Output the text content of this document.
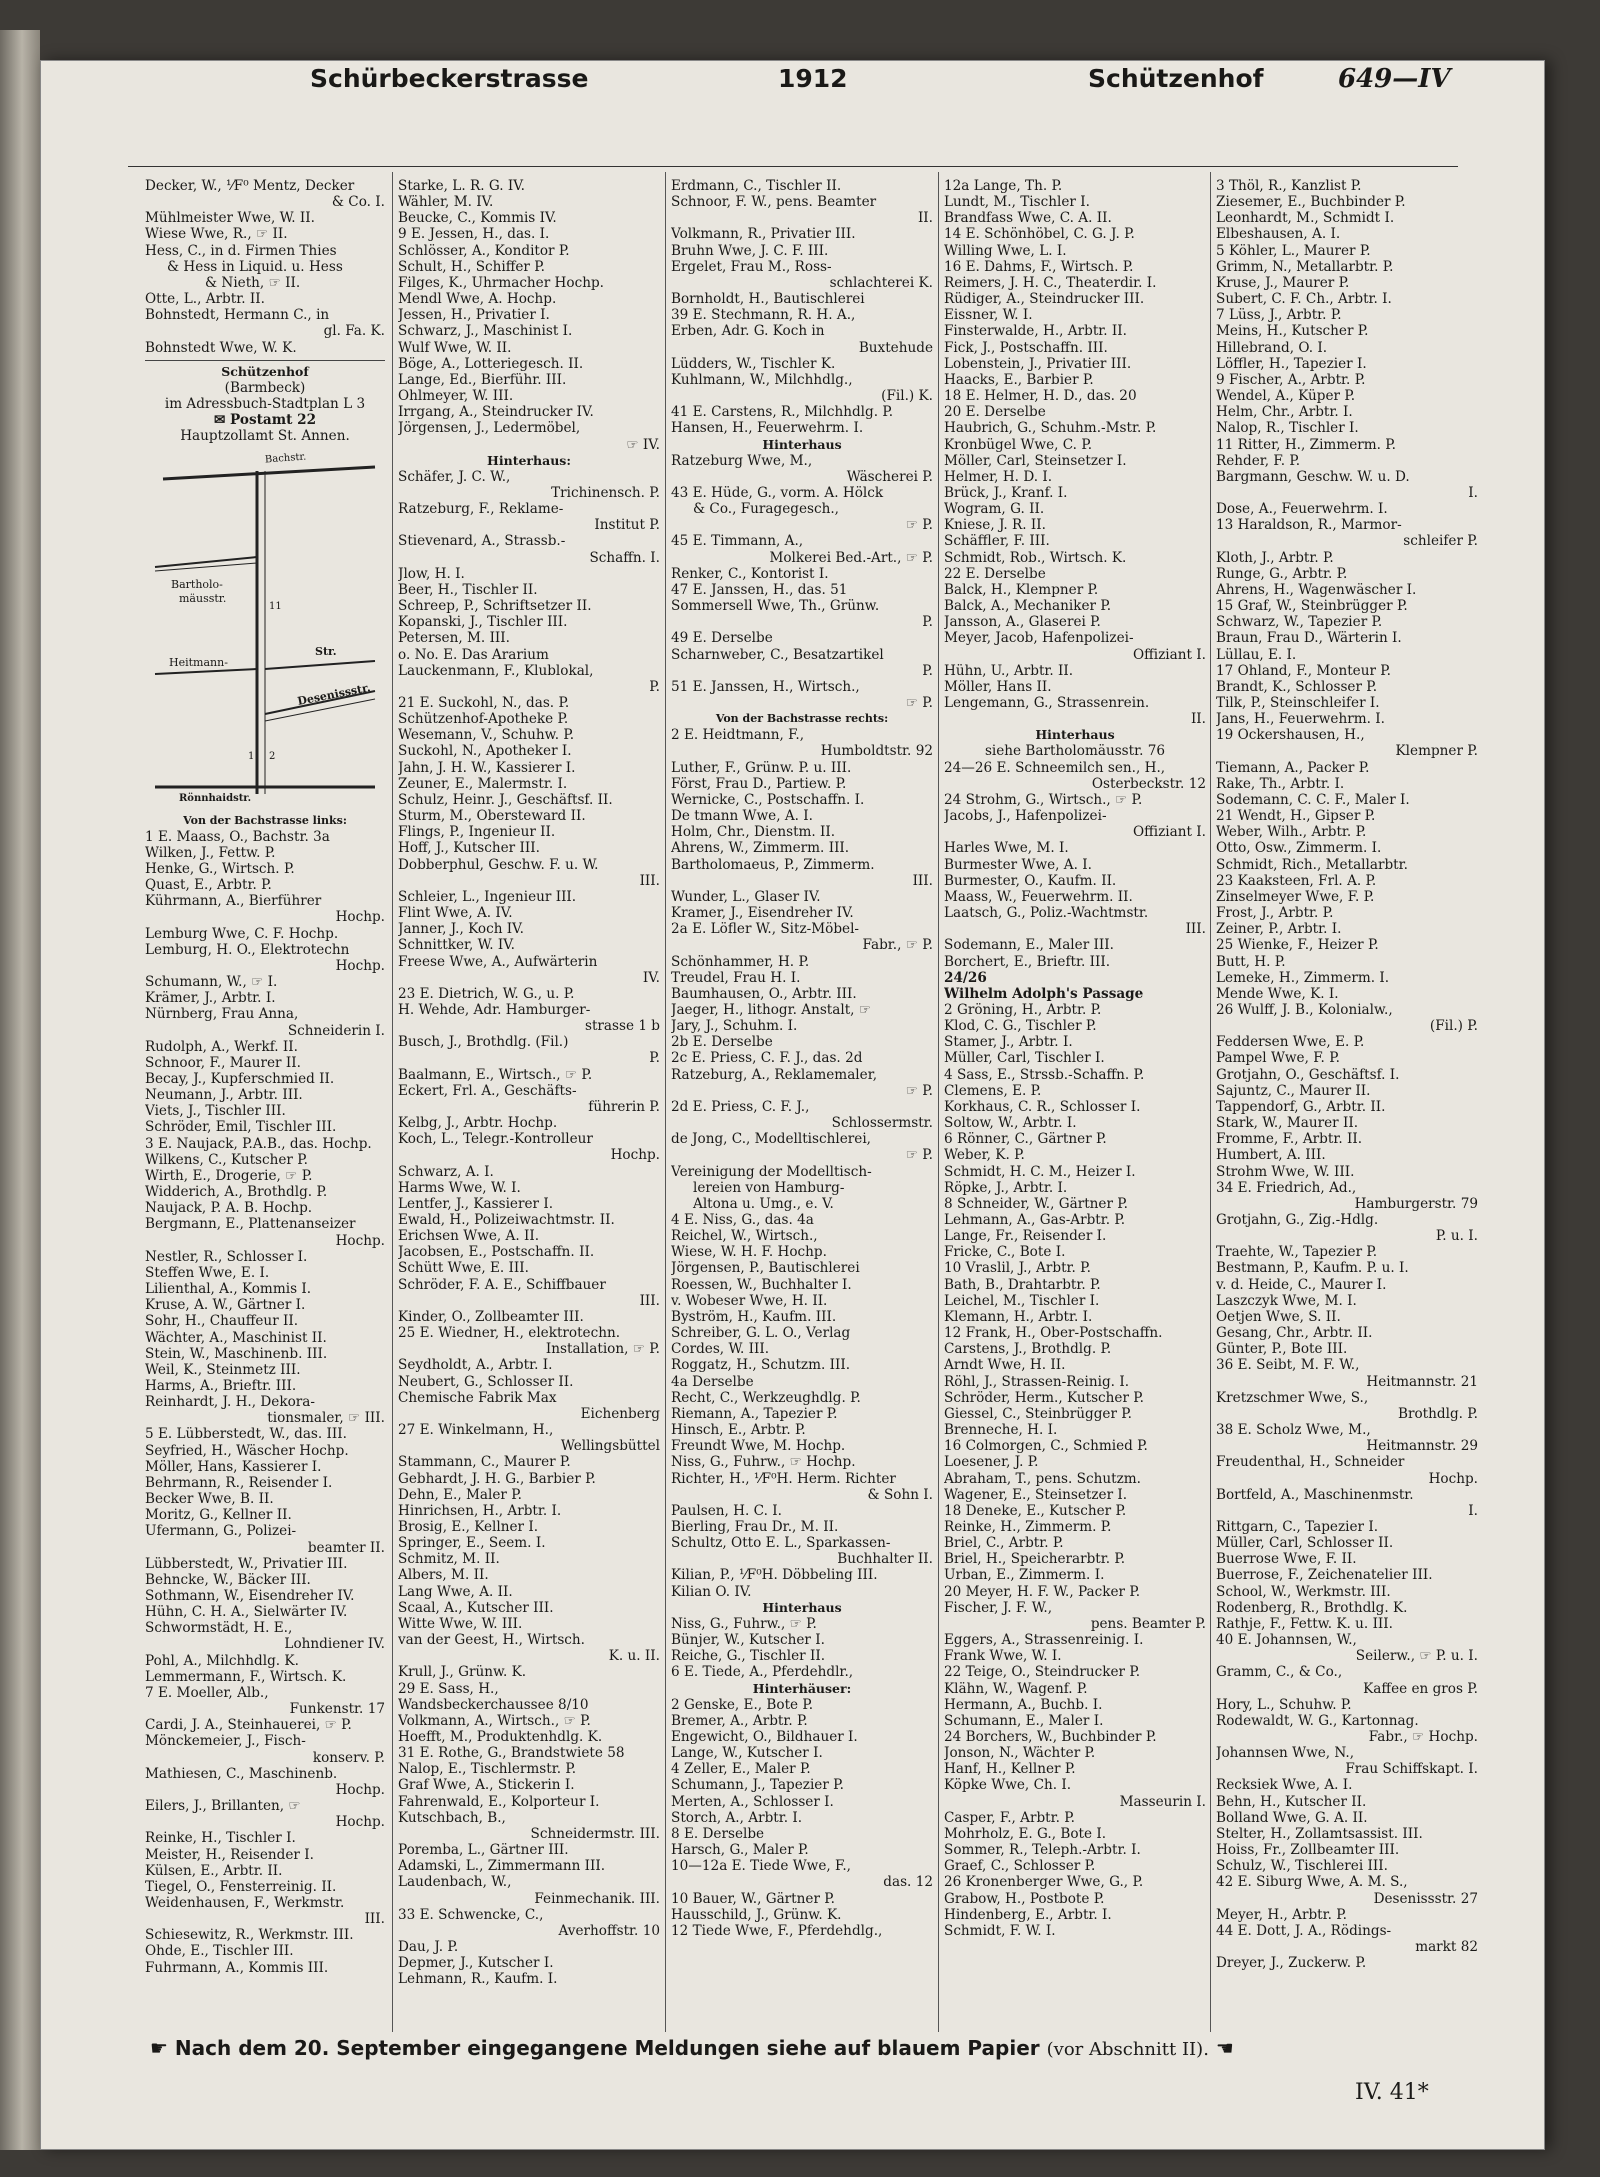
Schürbeckerstrasse	1912	Schützenhof	649—IV
Decker, W., ⅟F⁰ Mentz, Decker
& Co. I.
Mühlmeister Wwe, W. II.
Wiese Wwe, R., ☞ II.
Hess, C., in d. Firmen Thies
& Hess in Liquid. u. Hess
& Nieth, ☞ II.
Otte, L., Arbtr. II.
Bohnstedt, Hermann C., in
gl. Fa. K.
Bohnstedt Wwe, W. K.
Schützenhof
(Barmbeck)
im Adressbuch-Stadtplan L 3
✉ Postamt 22
Hauptzollamt St. Annen.
Bachstr.
Bartholo-
mäusstr.
Heitmann-
Str.
Desenissstr.
Rönnhaidstr.
11
1 2
Von der Bachstrasse links:
1 E. Maass, O., Bachstr. 3a
Wilken, J., Fettw. P.
Henke, G., Wirtsch. P.
Quast, E., Arbtr. P.
Kührmann, A., Bierführer
Hochp.
Lemburg Wwe, C. F. Hochp.
Lemburg, H. O., Elektrotechn
Hochp.
Schumann, W., ☞ I.
Krämer, J., Arbtr. I.
Nürnberg, Frau Anna,
Schneiderin I.
Rudolph, A., Werkf. II.
Schnoor, F., Maurer II.
Becay, J., Kupferschmied II.
Neumann, J., Arbtr. III.
Viets, J., Tischler III.
Schröder, Emil, Tischler III.
3 E. Naujack, P.A.B., das. Hochp.
Wilkens, C., Kutscher P.
Wirth, E., Drogerie, ☞ P.
Widderich, A., Brothdlg. P.
Naujack, P. A. B. Hochp.
Bergmann, E., Plattenanseizer
Hochp.
Nestler, R., Schlosser I.
Steffen Wwe, E. I.
Lilienthal, A., Kommis I.
Kruse, A. W., Gärtner I.
Sohr, H., Chauffeur II.
Wächter, A., Maschinist II.
Stein, W., Maschinenb. III.
Weil, K., Steinmetz III.
Harms, A., Brieftr. III.
Reinhardt, J. H., Dekora-
tionsmaler, ☞ III.
5 E. Lübberstedt, W., das. III.
Seyfried, H., Wäscher Hochp.
Möller, Hans, Kassierer I.
Behrmann, R., Reisender I.
Becker Wwe, B. II.
Moritz, G., Kellner II.
Ufermann, G., Polizei-
beamter II.
Lübberstedt, W., Privatier III.
Behncke, W., Bäcker III.
Sothmann, W., Eisendreher IV.
Hühn, C. H. A., Sielwärter IV.
Schwormstädt, H. E.,
Lohndiener IV.
Pohl, A., Milchhdlg. K.
Lemmermann, F., Wirtsch. K.
7 E. Moeller, Alb.,
Funkenstr. 17
Cardi, J. A., Steinhauerei, ☞ P.
Mönckemeier, J., Fisch-
konserv. P.
Mathiesen, C., Maschinenb.
Hochp.
Eilers, J., Brillanten, ☞
Hochp.
Reinke, H., Tischler I.
Meister, H., Reisender I.
Külsen, E., Arbtr. II.
Tiegel, O., Fensterreinig. II.
Weidenhausen, F., Werkmstr.
III.
Schiesewitz, R., Werkmstr. III.
Ohde, E., Tischler III.
Fuhrmann, A., Kommis III.
Starke, L. R. G. IV.
Wähler, M. IV.
Beucke, C., Kommis IV.
9 E. Jessen, H., das. I.
Schlösser, A., Konditor P.
Schult, H., Schiffer P.
Filges, K., Uhrmacher Hochp.
Mendl Wwe, A. Hochp.
Jessen, H., Privatier I.
Schwarz, J., Maschinist I.
Wulf Wwe, W. II.
Böge, A., Lotteriegesch. II.
Lange, Ed., Bierführ. III.
Ohlmeyer, W. III.
Irrgang, A., Steindrucker IV.
Jörgensen, J., Ledermöbel,
☞ IV.
Hinterhaus:
Schäfer, J. C. W.,
Trichinensch. P.
Ratzeburg, F., Reklame-
Institut P.
Stievenard, A., Strassb.-
Schaffn. I.
Jlow, H. I.
Beer, H., Tischler II.
Schreep, P., Schriftsetzer II.
Kopanski, J., Tischler III.
Petersen, M. III.
o. No. E. Das Ararium
Lauckenmann, F., Klublokal,
P.
21 E. Suckohl, N., das. P.
Schützenhof-Apotheke P.
Wesemann, V., Schuhw. P.
Suckohl, N., Apotheker I.
Jahn, J. H. W., Kassierer I.
Zeuner, E., Malermstr. I.
Schulz, Heinr. J., Geschäftsf. II.
Sturm, M., Obersteward II.
Flings, P., Ingenieur II.
Hoff, J., Kutscher III.
Dobberphul, Geschw. F. u. W.
III.
Schleier, L., Ingenieur III.
Flint Wwe, A. IV.
Janner, J., Koch IV.
Schnittker, W. IV.
Freese Wwe, A., Aufwärterin
IV.
23 E. Dietrich, W. G., u. P.
H. Wehde, Adr. Hamburger-
strasse 1 b
Busch, J., Brothdlg. (Fil.)
P.
Baalmann, E., Wirtsch., ☞ P.
Eckert, Frl. A., Geschäfts-
führerin P.
Kelbg, J., Arbtr. Hochp.
Koch, L., Telegr.-Kontrolleur
Hochp.
Schwarz, A. I.
Harms Wwe, W. I.
Lentfer, J., Kassierer I.
Ewald, H., Polizeiwachtmstr. II.
Erichsen Wwe, A. II.
Jacobsen, E., Postschaffn. II.
Schütt Wwe, E. III.
Schröder, F. A. E., Schiffbauer
III.
Kinder, O., Zollbeamter III.
25 E. Wiedner, H., elektrotechn.
Installation, ☞ P.
Seydholdt, A., Arbtr. I.
Neubert, G., Schlosser II.
Chemische Fabrik Max
Eichenberg
27 E. Winkelmann, H.,
Wellingsbüttel
Stammann, C., Maurer P.
Gebhardt, J. H. G., Barbier P.
Dehn, E., Maler P.
Hinrichsen, H., Arbtr. I.
Brosig, E., Kellner I.
Springer, E., Seem. I.
Schmitz, M. II.
Albers, M. II.
Lang Wwe, A. II.
Scaal, A., Kutscher III.
Witte Wwe, W. III.
van der Geest, H., Wirtsch.
K. u. II.
Krull, J., Grünw. K.
29 E. Sass, H.,
Wandsbeckerchaussee 8/10
Volkmann, A., Wirtsch., ☞ P.
Hoefft, M., Produktenhdlg. K.
31 E. Rothe, G., Brandstwiete 58
Nalop, E., Tischlermstr. P.
Graf Wwe, A., Stickerin I.
Fahrenwald, E., Kolporteur I.
Kutschbach, B.,
Schneidermstr. III.
Poremba, L., Gärtner III.
Adamski, L., Zimmermann III.
Laudenbach, W.,
Feinmechanik. III.
33 E. Schwencke, C.,
Averhoffstr. 10
Dau, J. P.
Depmer, J., Kutscher I.
Lehmann, R., Kaufm. I.
Erdmann, C., Tischler II.
Schnoor, F. W., pens. Beamter
II.
Volkmann, R., Privatier III.
Bruhn Wwe, J. C. F. III.
Ergelet, Frau M., Ross-
schlachterei K.
Bornholdt, H., Bautischlerei
39 E. Stechmann, R. H. A.,
Erben, Adr. G. Koch in
Buxtehude
Lüdders, W., Tischler K.
Kuhlmann, W., Milchhdlg.,
(Fil.) K.
41 E. Carstens, R., Milchhdlg. P.
Hansen, H., Feuerwehrm. I.
Hinterhaus
Ratzeburg Wwe, M.,
Wäscherei P.
43 E. Hüde, G., vorm. A. Hölck
& Co., Furagegesch.,
☞ P.
45 E. Timmann, A.,
Molkerei Bed.-Art., ☞ P.
Renker, C., Kontorist I.
47 E. Janssen, H., das. 51
Sommersell Wwe, Th., Grünw.
P.
49 E. Derselbe
Scharnweber, C., Besatzartikel
P.
51 E. Janssen, H., Wirtsch.,
☞ P.
Von der Bachstrasse rechts:
2 E. Heidtmann, F.,
Humboldtstr. 92
Luther, F., Grünw. P. u. III.
Först, Frau D., Partiew. P.
Wernicke, C., Postschaffn. I.
De tmann Wwe, A. I.
Holm, Chr., Dienstm. II.
Ahrens, W., Zimmerm. III.
Bartholomaeus, P., Zimmerm.
III.
Wunder, L., Glaser IV.
Kramer, J., Eisendreher IV.
2a E. Löfler W., Sitz-Möbel-
Fabr., ☞ P.
Schönhammer, H. P.
Treudel, Frau H. I.
Baumhausen, O., Arbtr. III.
Jaeger, H., lithogr. Anstalt, ☞
Jary, J., Schuhm. I.
2b E. Derselbe
2c E. Priess, C. F. J., das. 2d
Ratzeburg, A., Reklamemaler,
☞ P.
2d E. Priess, C. F. J.,
Schlossermstr.
de Jong, C., Modelltischlerei,
☞ P.
Vereinigung der Modelltisch-
lereien von Hamburg-
Altona u. Umg., e. V.
4 E. Niss, G., das. 4a
Reichel, W., Wirtsch.,
Wiese, W. H. F. Hochp.
Jörgensen, P., Bautischlerei
Roessen, W., Buchhalter I.
v. Wobeser Wwe, H. II.
Byström, H., Kaufm. III.
Schreiber, G. L. O., Verlag
Cordes, W. III.
Roggatz, H., Schutzm. III.
4a Derselbe
Recht, C., Werkzeughdlg. P.
Riemann, A., Tapezier P.
Hinsch, E., Arbtr. P.
Freundt Wwe, M. Hochp.
Niss, G., Fuhrw., ☞ Hochp.
Richter, H., ⅟F⁰H. Herm. Richter
& Sohn I.
Paulsen, H. C. I.
Bierling, Frau Dr., M. II.
Schultz, Otto E. L., Sparkassen-
Buchhalter II.
Kilian, P., ⅟F⁰H. Döbbeling III.
Kilian O. IV.
Hinterhaus
Niss, G., Fuhrw., ☞ P.
Bünjer, W., Kutscher I.
Reiche, G., Tischler II.
6 E. Tiede, A., Pferdehdlr.,
Hinterhäuser:
2 Genske, E., Bote P.
Bremer, A., Arbtr. P.
Engewicht, O., Bildhauer I.
Lange, W., Kutscher I.
4 Zeller, E., Maler P.
Schumann, J., Tapezier P.
Merten, A., Schlosser I.
Storch, A., Arbtr. I.
8 E. Derselbe
Harsch, G., Maler P.
10—12a E. Tiede Wwe, F.,
das. 12
10 Bauer, W., Gärtner P.
Hausschild, J., Grünw. K.
12 Tiede Wwe, F., Pferdehdlg.,
12a Lange, Th. P.
Lundt, M., Tischler I.
Brandfass Wwe, C. A. II.
14 E. Schönhöbel, C. G. J. P.
Willing Wwe, L. I.
16 E. Dahms, F., Wirtsch. P.
Reimers, J. H. C., Theaterdir. I.
Rüdiger, A., Steindrucker III.
Eissner, W. I.
Finsterwalde, H., Arbtr. II.
Fick, J., Postschaffn. III.
Lobenstein, J., Privatier III.
Haacks, E., Barbier P.
18 E. Helmer, H. D., das. 20
20 E. Derselbe
Haubrich, G., Schuhm.-Mstr. P.
Kronbügel Wwe, C. P.
Möller, Carl, Steinsetzer I.
Helmer, H. D. I.
Brück, J., Kranf. I.
Wogram, G. II.
Kniese, J. R. II.
Schäffler, F. III.
Schmidt, Rob., Wirtsch. K.
22 E. Derselbe
Balck, H., Klempner P.
Balck, A., Mechaniker P.
Jansson, A., Glaserei P.
Meyer, Jacob, Hafenpolizei-
Offiziant I.
Hühn, U., Arbtr. II.
Möller, Hans II.
Lengemann, G., Strassenrein.
II.
Hinterhaus
siehe Bartholomäusstr. 76
24—26 E. Schneemilch sen., H.,
Osterbeckstr. 12
24 Strohm, G., Wirtsch., ☞ P.
Jacobs, J., Hafenpolizei-
Offiziant I.
Harles Wwe, M. I.
Burmester Wwe, A. I.
Burmester, O., Kaufm. II.
Maass, W., Feuerwehrm. II.
Laatsch, G., Poliz.-Wachtmstr.
III.
Sodemann, E., Maler III.
Borchert, E., Brieftr. III.
24/26
Wilhelm Adolph's Passage
2 Gröning, H., Arbtr. P.
Klod, C. G., Tischler P.
Stamer, J., Arbtr. I.
Müller, Carl, Tischler I.
4 Sass, E., Strssb.-Schaffn. P.
Clemens, E. P.
Korkhaus, C. R., Schlosser I.
Soltow, W., Arbtr. I.
6 Rönner, C., Gärtner P.
Weber, K. P.
Schmidt, H. C. M., Heizer I.
Röpke, J., Arbtr. I.
8 Schneider, W., Gärtner P.
Lehmann, A., Gas-Arbtr. P.
Lange, Fr., Reisender I.
Fricke, C., Bote I.
10 Vraslil, J., Arbtr. P.
Bath, B., Drahtarbtr. P.
Leichel, M., Tischler I.
Klemann, H., Arbtr. I.
12 Frank, H., Ober-Postschaffn.
Carstens, J., Brothdlg. P.
Arndt Wwe, H. II.
Röhl, J., Strassen-Reinig. I.
Schröder, Herm., Kutscher P.
Giessel, C., Steinbrügger P.
Brenneche, H. I.
16 Colmorgen, C., Schmied P.
Loesener, J. P.
Abraham, T., pens. Schutzm.
Wagener, E., Steinsetzer I.
18 Deneke, E., Kutscher P.
Reinke, H., Zimmerm. P.
Briel, C., Arbtr. P.
Briel, H., Speicherarbtr. P.
Urban, E., Zimmerm. I.
20 Meyer, H. F. W., Packer P.
Fischer, J. F. W.,
pens. Beamter P.
Eggers, A., Strassenreinig. I.
Frank Wwe, W. I.
22 Teige, O., Steindrucker P.
Klähn, W., Wagenf. P.
Hermann, A., Buchb. I.
Schumann, E., Maler I.
24 Borchers, W., Buchbinder P.
Jonson, N., Wächter P.
Hanf, H., Kellner P.
Köpke Wwe, Ch. I.
Masseurin I.
Casper, F., Arbtr. P.
Mohrholz, E. G., Bote I.
Sommer, R., Teleph.-Arbtr. I.
Graef, C., Schlosser P.
26 Kronenberger Wwe, G., P.
Grabow, H., Postbote P.
Hindenberg, E., Arbtr. I.
Schmidt, F. W. I.
3 Thöl, R., Kanzlist P.
Ziesemer, E., Buchbinder P.
Leonhardt, M., Schmidt I.
Elbeshausen, A. I.
5 Köhler, L., Maurer P.
Grimm, N., Metallarbtr. P.
Kruse, J., Maurer P.
Subert, C. F. Ch., Arbtr. I.
7 Lüss, J., Arbtr. P.
Meins, H., Kutscher P.
Hillebrand, O. I.
Löffler, H., Tapezier I.
9 Fischer, A., Arbtr. P.
Wendel, A., Küper P.
Helm, Chr., Arbtr. I.
Nalop, R., Tischler I.
11 Ritter, H., Zimmerm. P.
Rehder, F. P.
Bargmann, Geschw. W. u. D.
I.
Dose, A., Feuerwehrm. I.
13 Haraldson, R., Marmor-
schleifer P.
Kloth, J., Arbtr. P.
Runge, G., Arbtr. P.
Ahrens, H., Wagenwäscher I.
15 Graf, W., Steinbrügger P.
Schwarz, W., Tapezier P.
Braun, Frau D., Wärterin I.
Lüllau, E. I.
17 Ohland, F., Monteur P.
Brandt, K., Schlosser P.
Tilk, P., Steinschleifer I.
Jans, H., Feuerwehrm. I.
19 Ockershausen, H.,
Klempner P.
Tiemann, A., Packer P.
Rake, Th., Arbtr. I.
Sodemann, C. C. F., Maler I.
21 Wendt, H., Gipser P.
Weber, Wilh., Arbtr. P.
Otto, Osw., Zimmerm. I.
Schmidt, Rich., Metallarbtr.
23 Kaaksteen, Frl. A. P.
Zinselmeyer Wwe, F. P.
Frost, J., Arbtr. P.
Zeiner, P., Arbtr. I.
25 Wienke, F., Heizer P.
Butt, H. P.
Lemeke, H., Zimmerm. I.
Mende Wwe, K. I.
26 Wulff, J. B., Kolonialw.,
(Fil.) P.
Feddersen Wwe, E. P.
Pampel Wwe, F. P.
Grotjahn, O., Geschäftsf. I.
Sajuntz, C., Maurer II.
Tappendorf, G., Arbtr. II.
Stark, W., Maurer II.
Fromme, F., Arbtr. II.
Humbert, A. III.
Strohm Wwe, W. III.
34 E. Friedrich, Ad.,
Hamburgerstr. 79
Grotjahn, G., Zig.-Hdlg.
P. u. I.
Traehte, W., Tapezier P.
Bestmann, P., Kaufm. P. u. I.
v. d. Heide, C., Maurer I.
Laszczyk Wwe, M. I.
Oetjen Wwe, S. II.
Gesang, Chr., Arbtr. II.
Günter, P., Bote III.
36 E. Seibt, M. F. W.,
Heitmannstr. 21
Kretzschmer Wwe, S.,
Brothdlg. P.
38 E. Scholz Wwe, M.,
Heitmannstr. 29
Freudenthal, H., Schneider
Hochp.
Bortfeld, A., Maschinenmstr.
I.
Rittgarn, C., Tapezier I.
Müller, Carl, Schlosser II.
Buerrose Wwe, F. II.
Buerrose, F., Zeichenatelier III.
School, W., Werkmstr. III.
Rodenberg, R., Brothdlg. K.
Rathje, F., Fettw. K. u. III.
40 E. Johannsen, W.,
Seilerw., ☞ P. u. I.
Gramm, C., & Co.,
Kaffee en gros P.
Hory, L., Schuhw. P.
Rodewaldt, W. G., Kartonnag.
Fabr., ☞ Hochp.
Johannsen Wwe, N.,
Frau Schiffskapt. I.
Recksiek Wwe, A. I.
Behn, H., Kutscher II.
Bolland Wwe, G. A. II.
Stelter, H., Zollamtsassist. III.
Hoiss, Fr., Zollbeamter III.
Schulz, W., Tischlerei III.
42 E. Siburg Wwe, A. M. S.,
Desenissstr. 27
Meyer, H., Arbtr. P.
44 E. Dott, J. A., Rödings-
markt 82
Dreyer, J., Zuckerw. P.
☛ Nach dem 20. September eingegangene Meldungen siehe auf blauem Papier (vor Abschnitt II). ☚
IV. 41*
